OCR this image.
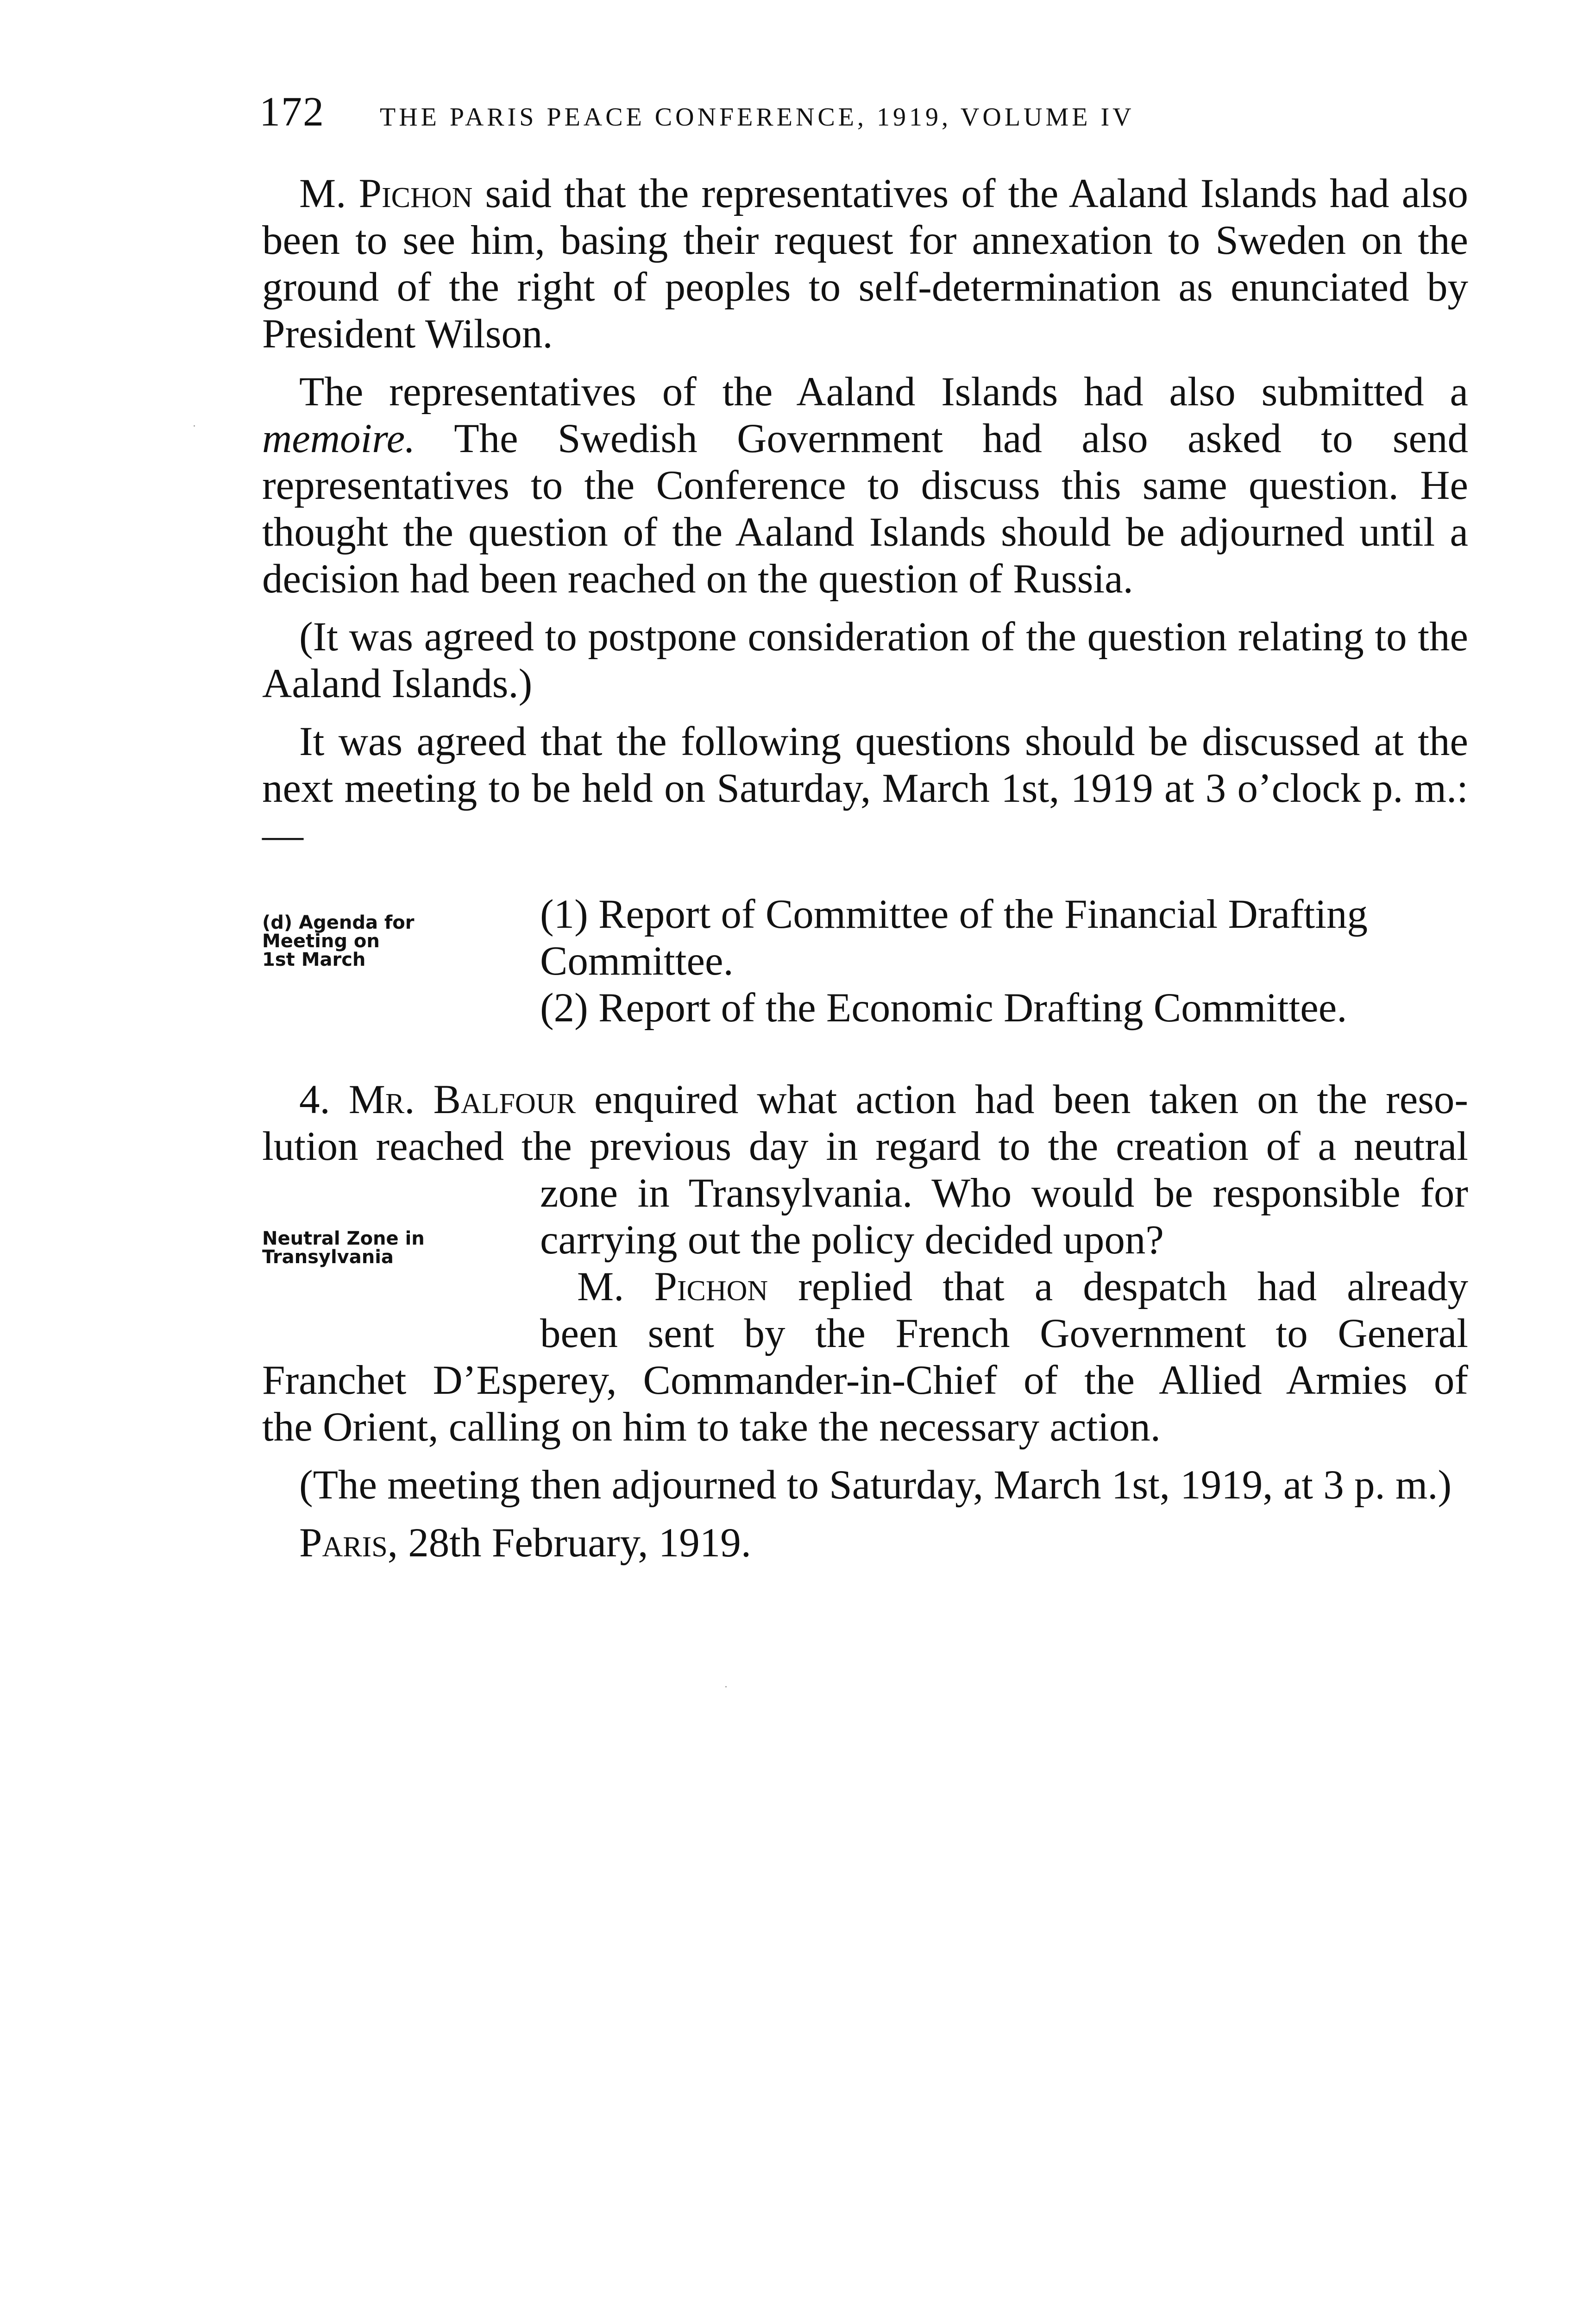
172	THE PARIS PEACE CONFERENCE, 1919, VOLUME IV

M. Pichon said that the representatives of the Aaland Islands had also been to see him, basing their request for annexation to Sweden on the ground of the right of peoples to self-determination as enunciated by President Wilson.

The representatives of the Aaland Islands had also submitted a memoire. The Swedish Government had also asked to send representatives to the Conference to discuss this same question. He thought the question of the Aaland Islands should be adjourned until a decision had been reached on the question of Russia.

(It was agreed to postpone consideration of the question relating to the Aaland Islands.)

It was agreed that the following questions should be discussed at the next meeting to be held on Saturday, March 1st, 1919 at 3 o’clock p. m.:—

(d) Agenda for
Meeting on
1st March
(1) Report of Committee of the Financial Drafting
Committee.
(2) Report of the Economic Drafting Committee.
4. Mr. Balfour enquired what action had been taken on the reso-
lution reached the previous day in regard to the creation of a neutral
Neutral Zone in
Transylvania
zone in Transylvania. Who would be responsible for
carrying out the policy decided upon?
M. Pichon replied that a despatch had already
been sent by the French Government to General
Franchet D’Esperey, Commander-in-Chief of the Allied Armies of
the Orient, calling on him to take the necessary action.

(The meeting then adjourned to Saturday, March 1st, 1919, at 3 p. m.)

Paris, 28th February, 1919.
